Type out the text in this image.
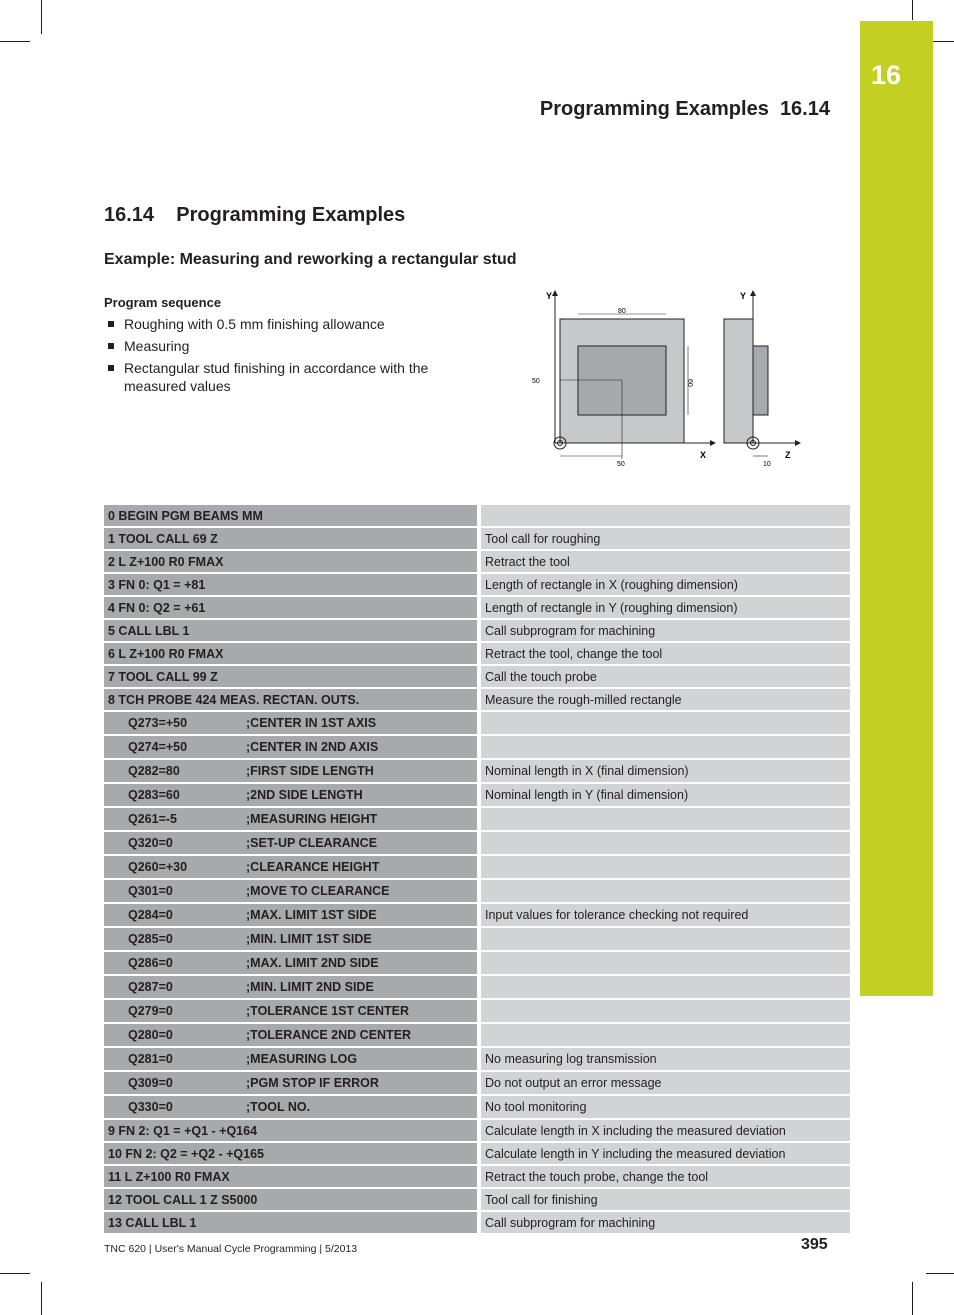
16
Programming Examples  16.14
16.14    Programming Examples
Example: Measuring and reworking a rectangular stud
Program sequence
Roughing with 0.5 mm finishing allowance
Measuring
Rectangular stud finishing in accordance with the measured values
Y
X
80
60
50
50
Y
Z
10
0 BEGIN PGM BEAMS MM	
1 TOOL CALL 69 Z	Tool call for roughing
2 L Z+100 R0 FMAX	Retract the tool
3 FN 0: Q1 = +81	Length of rectangle in X (roughing dimension)
4 FN 0: Q2 = +61	Length of rectangle in Y (roughing dimension)
5 CALL LBL 1	Call subprogram for machining
6 L Z+100 R0 FMAX	Retract the tool, change the tool
7 TOOL CALL 99 Z	Call the touch probe
8 TCH PROBE 424 MEAS. RECTAN. OUTS.	Measure the rough-milled rectangle
Q273=+50 ;CENTER IN 1ST AXIS	
Q274=+50 ;CENTER IN 2ND AXIS	
Q282=80 ;FIRST SIDE LENGTH	Nominal length in X (final dimension)
Q283=60 ;2ND SIDE LENGTH	Nominal length in Y (final dimension)
Q261=-5 ;MEASURING HEIGHT	
Q320=0 ;SET-UP CLEARANCE	
Q260=+30 ;CLEARANCE HEIGHT	
Q301=0 ;MOVE TO CLEARANCE	
Q284=0 ;MAX. LIMIT 1ST SIDE	Input values for tolerance checking not required
Q285=0 ;MIN. LIMIT 1ST SIDE	
Q286=0 ;MAX. LIMIT 2ND SIDE	
Q287=0 ;MIN. LIMIT 2ND SIDE	
Q279=0 ;TOLERANCE 1ST CENTER	
Q280=0 ;TOLERANCE 2ND CENTER	
Q281=0 ;MEASURING LOG	No measuring log transmission
Q309=0 ;PGM STOP IF ERROR	Do not output an error message
Q330=0 ;TOOL NO.	No tool monitoring
9 FN 2: Q1 = +Q1 - +Q164	Calculate length in X including the measured deviation
10 FN 2: Q2 = +Q2 - +Q165	Calculate length in Y including the measured deviation
11 L Z+100 R0 FMAX	Retract the touch probe, change the tool
12 TOOL CALL 1 Z S5000	Tool call for finishing
13 CALL LBL 1	Call subprogram for machining
TNC 620 | User's Manual Cycle Programming | 5/2013	395
